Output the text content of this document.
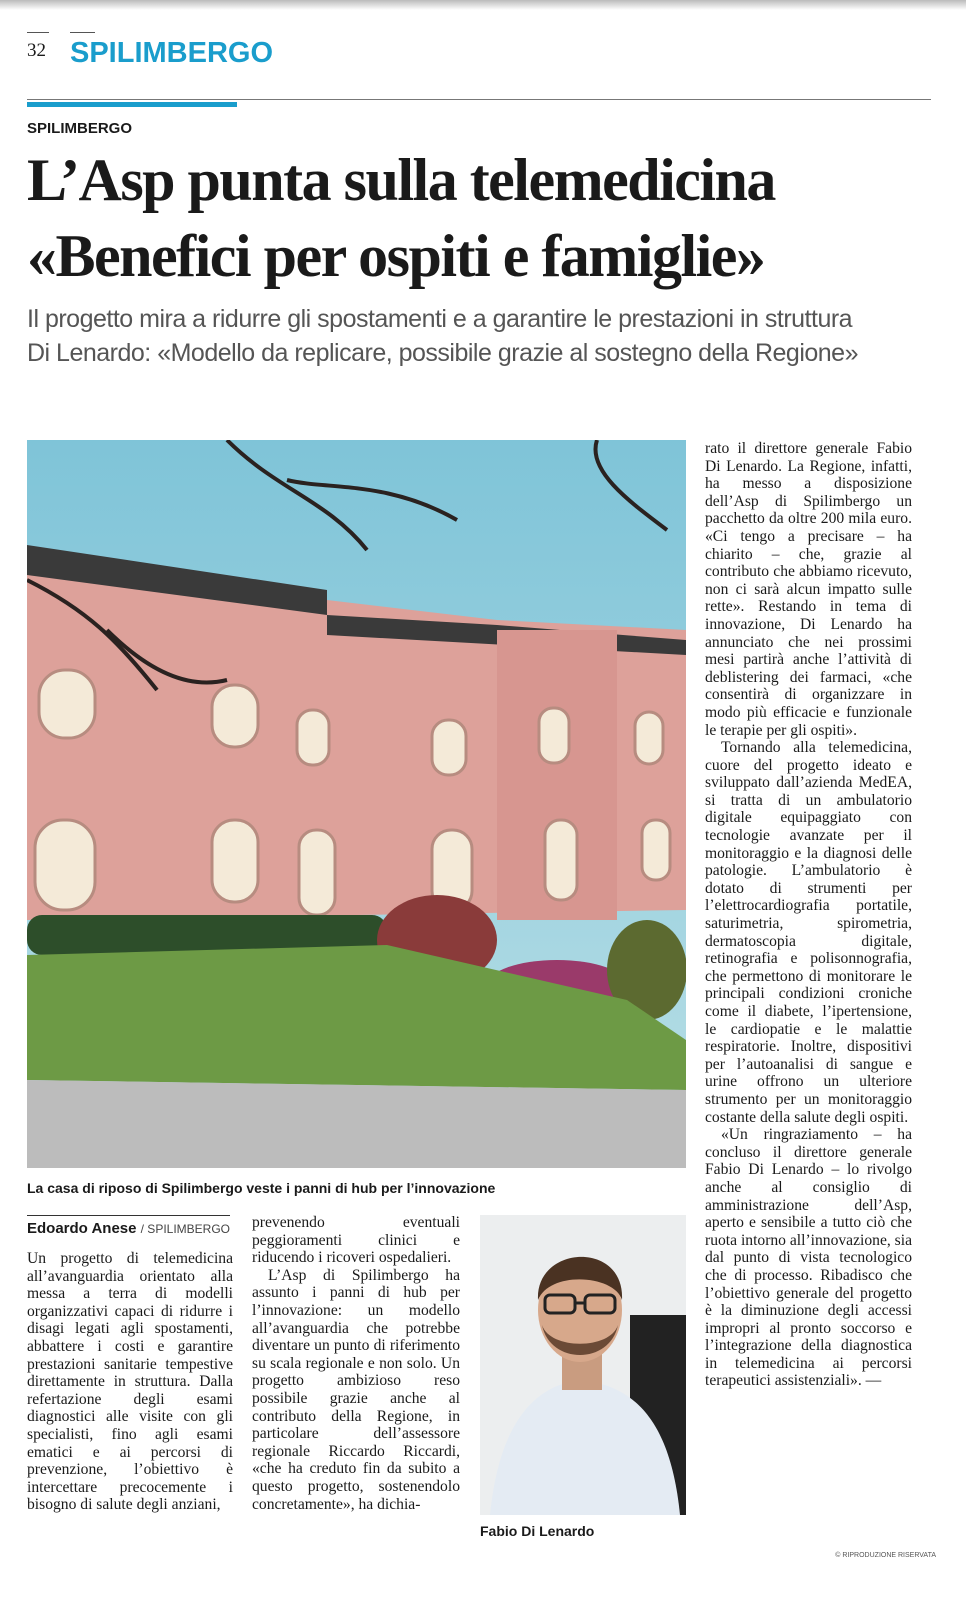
32 SPILIMBERGO
SPILIMBERGO
L’Asp punta sulla telemedicina
«Benefici per ospiti e famiglie»
Il progetto mira a ridurre gli spostamenti e a garantire le prestazioni in struttura
Di Lenardo: «Modello da replicare, possibile grazie al sostegno della Regione»
La casa di riposo di Spilimbergo veste i panni di hub per l’innovazione
Edoardo Anese / SPILIMBERGO

Un progetto di telemedicina all’avanguardia orientato alla messa a terra di modelli organizzativi capaci di ridurre i disagi legati agli spostamenti, abbattere i costi e garantire prestazioni sanitarie tempestive direttamente in struttura. Dalla refertazione degli esami diagnostici alle visite con gli specialisti, fino agli esami ematici e ai percorsi di prevenzione, l’obiettivo è intercettare precocemente i bisogno di salute degli anziani,

prevenendo eventuali peggioramenti clinici e riducendo i ricoveri ospedalieri.

L’Asp di Spilimbergo ha assunto i panni di hub per l’innovazione: un modello all’avanguardia che potrebbe diventare un punto di riferimento su scala regionale e non solo. Un progetto ambizioso reso possibile grazie anche al contributo della Regione, in particolare dell’assessore regionale Riccardo Riccardi, «che ha creduto fin da subito a questo progetto, sostenendolo concretamente», ha dichia-

Fabio Di Lenardo

rato il direttore generale Fabio Di Lenardo. La Regione, infatti, ha messo a disposizione dell’Asp di Spilimbergo un pacchetto da oltre 200 mila euro. «Ci tengo a precisare – ha chiarito – che, grazie al contributo che abbiamo ricevuto, non ci sarà alcun impatto sulle rette». Restando in tema di innovazione, Di Lenardo ha annunciato che nei prossimi mesi partirà anche l’attività di deblistering dei farmaci, «che consentirà di organizzare in modo più efficacie e funzionale le terapie per gli ospiti».

Tornando alla telemedicina, cuore del progetto ideato e sviluppato dall’azienda MedEA, si tratta di un ambulatorio digitale equipaggiato con tecnologie avanzate per il monitoraggio e la diagnosi delle patologie. L’ambulatorio è dotato di strumenti per l’elettrocardiografia portatile, saturimetria, spirometria, dermatoscopia digitale, retinografia e polisonnografia, che permettono di monitorare le principali condizioni croniche come il diabete, l’ipertensione, le cardiopatie e le malattie respiratorie. Inoltre, dispositivi per l’autoanalisi di sangue e urine offrono un ulteriore strumento per un monitoraggio costante della salute degli ospiti.

«Un ringraziamento – ha concluso il direttore generale Fabio Di Lenardo – lo rivolgo anche al consiglio di amministrazione dell’Asp, aperto e sensibile a tutto ciò che ruota intorno all’innovazione, sia dal punto di vista tecnologico che di processo. Ribadisco che l’obiettivo generale del progetto è la diminuzione degli accessi impropri al pronto soccorso e l’integrazione della diagnostica in telemedicina ai percorsi terapeutici assistenziali». —

© RIPRODUZIONE RISERVATA
